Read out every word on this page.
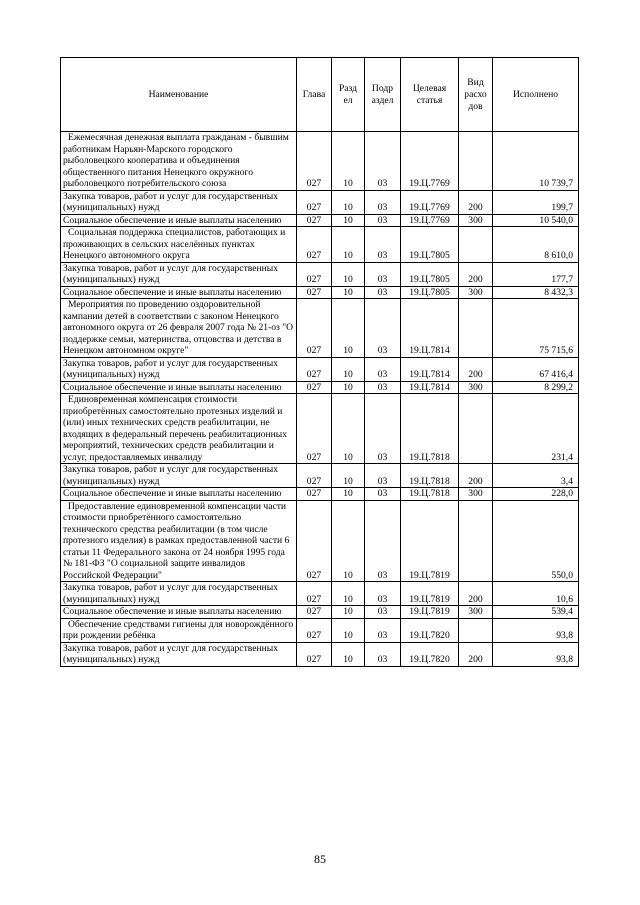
Наименование	Глава	Разд ел	Подр аздел	Целевая статья	Вид расхо дов	Исполнено
Ежемесячная денежная выплата гражданам - бывшим работникам Нарьян-Марского городского рыболовецкого кооператива и объединения общественного питания Ненецкого окружного рыболовецкого потребительского союза	027	10	03	19.Ц.7769		10 739,7
Закупка товаров, работ и услуг для государственных (муниципальных) нужд	027	10	03	19.Ц.7769	200	199,7
Социальное обеспечение и иные выплаты населению	027	10	03	19.Ц.7769	300	10 540,0
Социальная поддержка специалистов, работающих и проживающих в сельских населённых пунктах Ненецкого автономного округа	027	10	03	19.Ц.7805		8 610,0
Закупка товаров, работ и услуг для государственных (муниципальных) нужд	027	10	03	19.Ц.7805	200	177,7
Социальное обеспечение и иные выплаты населению	027	10	03	19.Ц.7805	300	8 432,3
Мероприятия по проведению оздоровительной кампании детей в соответствии с законом Ненецкого автономного округа от 26 февраля 2007 года № 21-оз "О поддержке семьи, материнства, отцовства и детства в Ненецком автономном округе"	027	10	03	19.Ц.7814		75 715,6
Закупка товаров, работ и услуг для государственных (муниципальных) нужд	027	10	03	19.Ц.7814	200	67 416,4
Социальное обеспечение и иные выплаты населению	027	10	03	19.Ц.7814	300	8 299,2
Единовременная компенсация стоимости приобретённых самостоятельно протезных изделий и (или) иных технических средств реабилитации, не входящих в федеральный перечень реабилитационных мероприятий, технических средств реабилитации и услуг, предоставляемых инвалиду	027	10	03	19.Ц.7818		231,4
Закупка товаров, работ и услуг для государственных (муниципальных) нужд	027	10	03	19.Ц.7818	200	3,4
Социальное обеспечение и иные выплаты населению	027	10	03	19.Ц.7818	300	228,0
Предоставление единовременной компенсации части стоимости приобретённого самостоятельно технического средства реабилитации (в том числе протезного изделия) в рамках предоставленной части 6 статьи 11 Федерального закона от 24 ноября 1995 года № 181-ФЗ "О социальной защите инвалидов Российской Федерации"	027	10	03	19.Ц.7819		550,0
Закупка товаров, работ и услуг для государственных (муниципальных) нужд	027	10	03	19.Ц.7819	200	10,6
Социальное обеспечение и иные выплаты населению	027	10	03	19.Ц.7819	300	539,4
Обеспечение средствами гигиены для новорождённого при рождении ребёнка	027	10	03	19.Ц.7820		93,8
Закупка товаров, работ и услуг для государственных (муниципальных) нужд	027	10	03	19.Ц.7820	200	93,8
85
